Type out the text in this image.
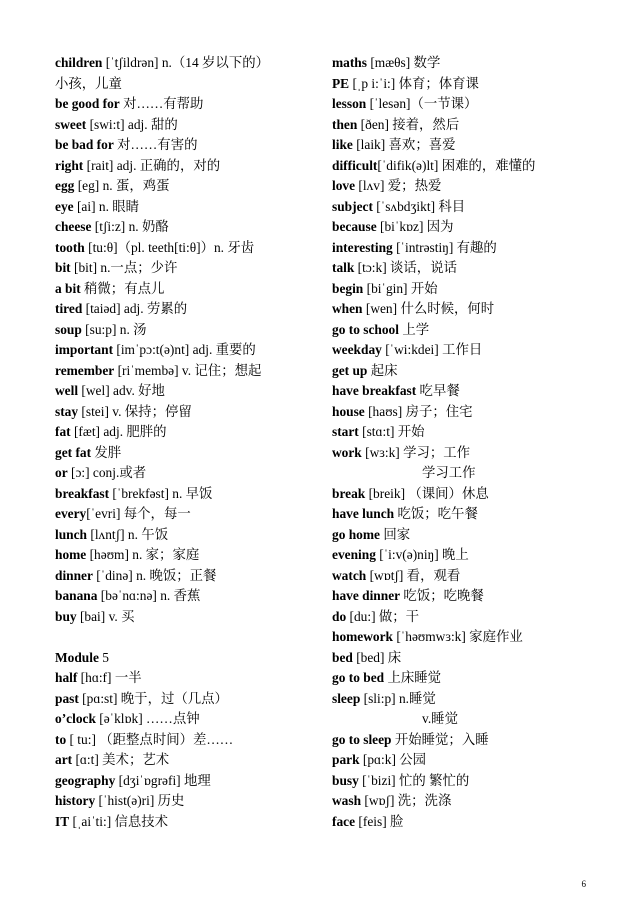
children [ˈtʃildrən] n.（14 岁以下的）
小孩，儿童
be good for 对……有帮助
sweet [swi:t] adj. 甜的
be bad for 对……有害的
right [rait] adj. 正确的，对的
egg [eg] n. 蛋，鸡蛋
eye [ai] n. 眼睛
cheese [tʃi:z] n. 奶酪
tooth [tu:θ]（pl. teeth[ti:θ]）n. 牙齿
bit [bit] n.一点；少许
a bit 稍微；有点儿
tired [taiəd] adj. 劳累的
soup [su:p] n. 汤
important [imˈpɔ:t(ə)nt] adj. 重要的
remember [riˈmembə] v. 记住；想起
well [wel] adv. 好地
stay [stei] v. 保持；停留
fat [fæt] adj. 肥胖的
get fat 发胖
or [ɔ:] conj.或者
breakfast [ˈbrekfəst] n. 早饭
every[ˈevri] 每个，每一
lunch [lʌntʃ] n. 午饭
home [həʊm] n. 家；家庭
dinner [ˈdinə] n. 晚饭；正餐
banana [bəˈnɑ:nə] n. 香蕉
buy [bai] v. 买
Module 5
half [hɑ:f] 一半
past [pɑ:st] 晚于，过（几点）
o’clock [əˈklɒk] ……点钟
to [ tu:] （距整点时间）差……
art [ɑ:t] 美术；艺术
geography [dʒiˈɒgrəfi] 地理
history [ˈhist(ə)ri] 历史
IT [ˌaiˈti:] 信息技术
maths [mæθs] 数学
PE [ˌp i:ˈi:] 体育；体育课
lesson [ˈlesən]（一节课）
then [ðen] 接着，然后
like [laik] 喜欢；喜爱
difficult[ˈdifik(ə)lt] 困难的，难懂的
love [lʌv] 爱；热爱
subject [ˈsʌbdʒikt] 科目
because [biˈkɒz] 因为
interesting [ˈintrəstiŋ] 有趣的
talk [tɔ:k] 谈话，说话
begin [biˈgin] 开始
when [wen] 什么时候，何时
go to school 上学
weekday [ˈwi:kdei] 工作日
get up 起床
have breakfast 吃早餐
house [haʊs] 房子；住宅
start [stɑ:t] 开始
work [wɜ:k] 学习；工作
学习工作
break [breik] （课间）休息
have lunch 吃饭；吃午餐
go home 回家
evening [ˈi:v(ə)niŋ] 晚上
watch [wɒtʃ] 看，观看
have dinner 吃饭；吃晚餐
do [du:] 做；干
homework [ˈhəʊmwɜ:k] 家庭作业
bed [bed] 床
go to bed 上床睡觉
sleep [sli:p] n.睡觉
v.睡觉
go to sleep 开始睡觉；入睡
park [pɑ:k] 公园
busy [ˈbizi] 忙的 繁忙的
wash [wɒʃ] 洗；洗涤
face [feis] 脸
6
